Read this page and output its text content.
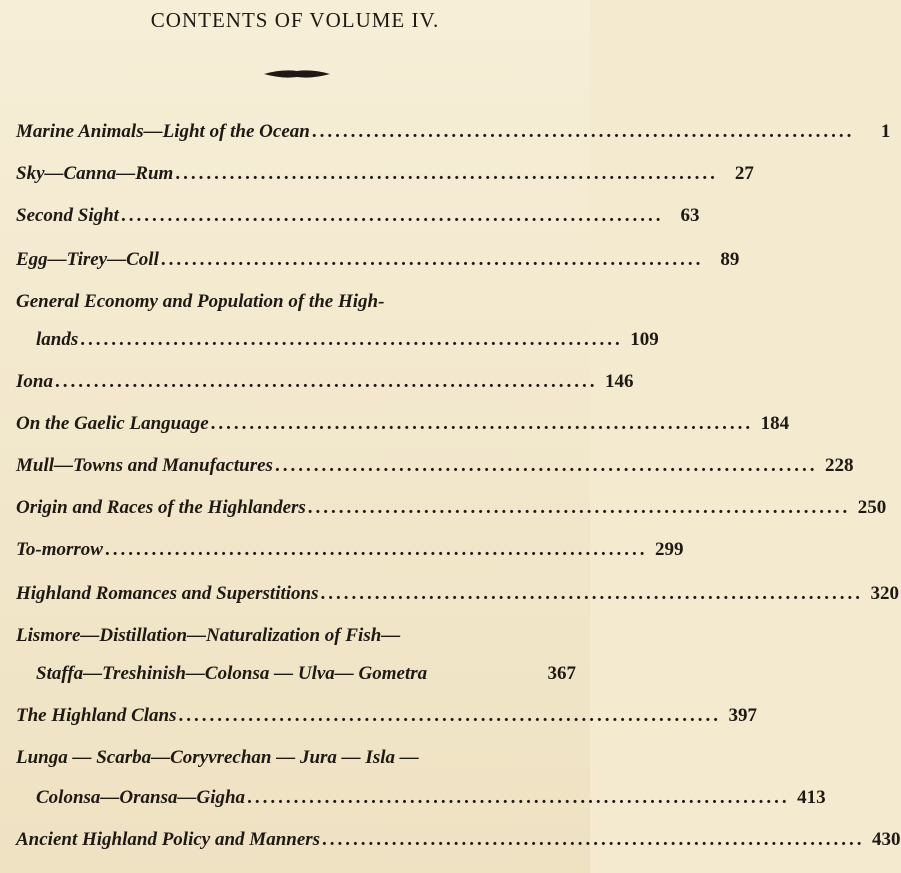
CONTENTS OF VOLUME IV.
Marine Animals—Light of the Ocean ......................................................................	1
Sky—Canna—Rum ...................................................................... 27
Second Sight ...................................................................... 63
Egg—Tirey—Coll ...................................................................... 89
General Economy and Population of the High-
lands ...................................................................... 109
Iona ...................................................................... 146
On the Gaelic Language ...................................................................... 184
Mull—Towns and Manufactures ...................................................................... 228
Origin and Races of the Highlanders ...................................................................... 250
To-morrow ...................................................................... 299
Highland Romances and Superstitions ...................................................................... 320
Lismore—Distillation—Naturalization of Fish—
Staffa—Treshinish—Colonsa — Ulva— Gometra	367
The Highland Clans ...................................................................... 397
Lunga — Scarba—Coryvrechan — Jura — Isla —
Colonsa—Oransa—Gigha ...................................................................... 413
Ancient Highland Policy and Manners ...................................................................... 430
